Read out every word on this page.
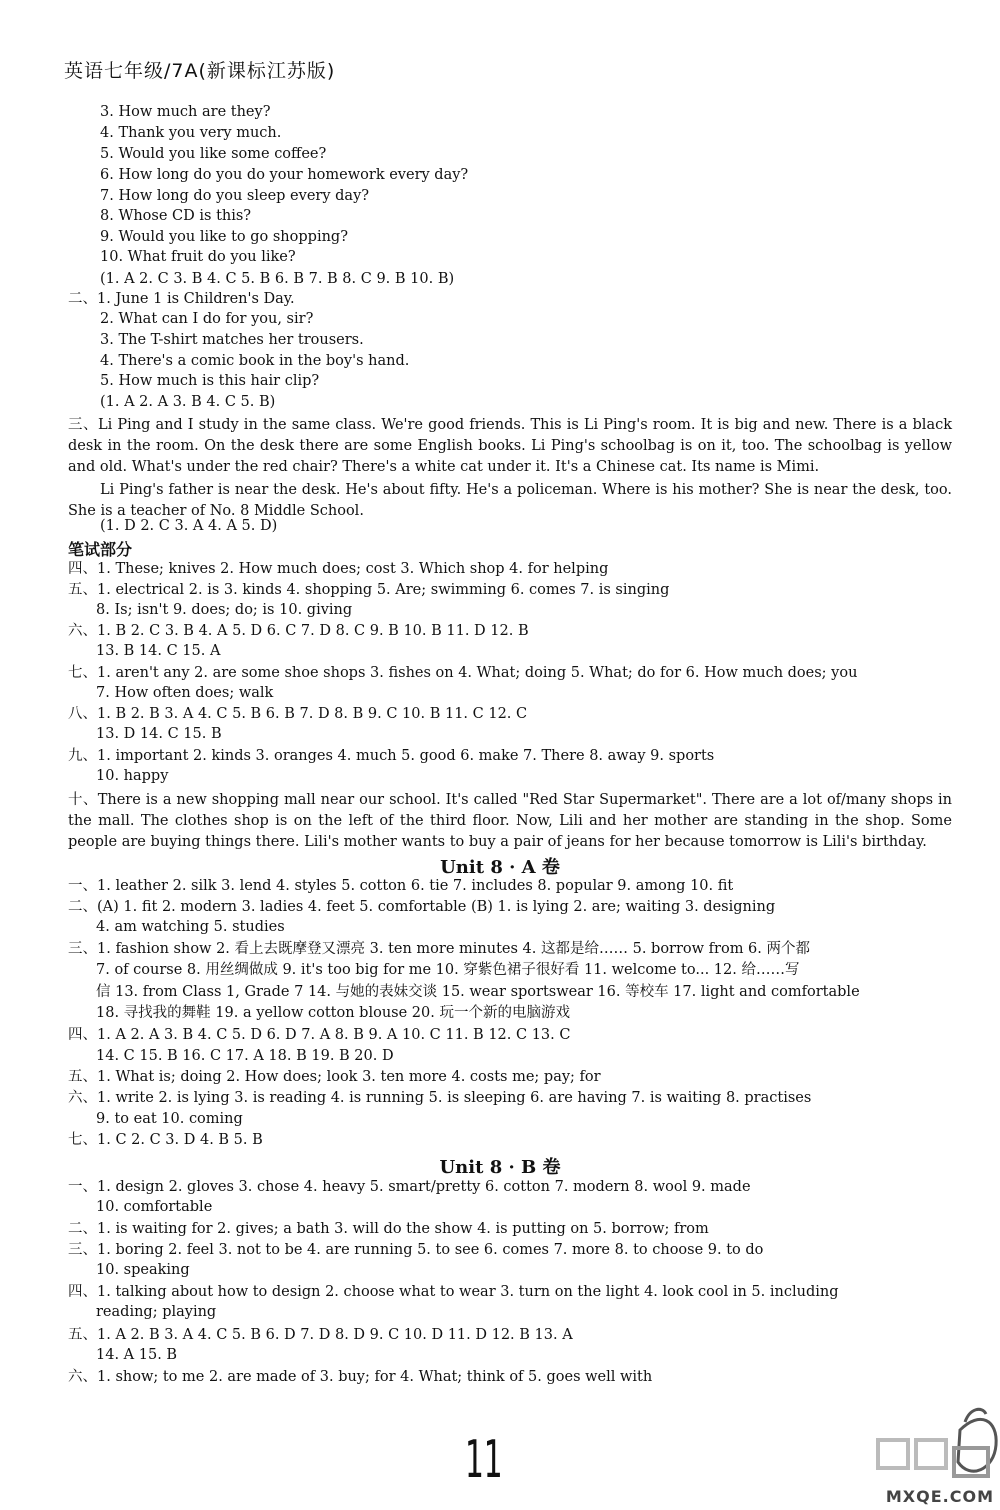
英语七年级/7A(新课标江苏版)
3. How much are they?
4. Thank you very much.
5. Would you like some coffee?
6. How long do you do your homework every day?
7. How long do you sleep every day?
8. Whose CD is this?
9. Would you like to go shopping?
10. What fruit do you like?
(1. A 2. C 3. B 4. C 5. B 6. B 7. B 8. C 9. B 10. B)
二、1. June 1 is Children's Day.
2. What can I do for you, sir?
3. The T-shirt matches her trousers.
4. There's a comic book in the boy's hand.
5. How much is this hair clip?
(1. A 2. A 3. B 4. C 5. B)
三、Li Ping and I study in the same class. We're good friends. This is Li Ping's room. It is big and new. There is a black desk in the room. On the desk there are some English books. Li Ping's schoolbag is on it, too. The schoolbag is yellow and old. What's under the red chair? There's a white cat under it. It's a Chinese cat. Its name is Mimi.
Li Ping's father is near the desk. He's about fifty. He's a policeman. Where is his mother? She is near the desk, too. She is a teacher of No. 8 Middle School.
(1. D 2. C 3. A 4. A 5. D)
笔试部分
四、1. These; knives 2. How much does; cost 3. Which shop 4. for helping
五、1. electrical 2. is 3. kinds 4. shopping 5. Are; swimming 6. comes 7. is singing
8. Is; isn't 9. does; do; is 10. giving
六、1. B 2. C 3. B 4. A 5. D 6. C 7. D 8. C 9. B 10. B 11. D 12. B
13. B 14. C 15. A
七、1. aren't any 2. are some shoe shops 3. fishes on 4. What; doing 5. What; do for 6. How much does; you
7. How often does; walk
八、1. B 2. B 3. A 4. C 5. B 6. B 7. D 8. B 9. C 10. B 11. C 12. C
13. D 14. C 15. B
九、1. important 2. kinds 3. oranges 4. much 5. good 6. make 7. There 8. away 9. sports
10. happy
十、There is a new shopping mall near our school. It's called "Red Star Supermarket". There are a lot of/many shops in the mall. The clothes shop is on the left of the third floor. Now, Lili and her mother are standing in the shop. Some people are buying things there. Lili's mother wants to buy a pair of jeans for her because tomorrow is Lili's birthday.
Unit 8 · A 卷
一、1. leather 2. silk 3. lend 4. styles 5. cotton 6. tie 7. includes 8. popular 9. among 10. fit
二、(A) 1. fit 2. modern 3. ladies 4. feet 5. comfortable (B) 1. is lying 2. are; waiting 3. designing
4. am watching 5. studies
三、1. fashion show 2. 看上去既摩登又漂亮 3. ten more minutes 4. 这都是给…… 5. borrow from 6. 两个都
7. of course 8. 用丝绸做成 9. it's too big for me 10. 穿紫色裙子很好看 11. welcome to... 12. 给……写
信 13. from Class 1, Grade 7 14. 与她的表妹交谈 15. wear sportswear 16. 等校车 17. light and comfortable
18. 寻找我的舞鞋 19. a yellow cotton blouse 20. 玩一个新的电脑游戏
四、1. A 2. A 3. B 4. C 5. D 6. D 7. A 8. B 9. A 10. C 11. B 12. C 13. C
14. C 15. B 16. C 17. A 18. B 19. B 20. D
五、1. What is; doing 2. How does; look 3. ten more 4. costs me; pay; for
六、1. write 2. is lying 3. is reading 4. is running 5. is sleeping 6. are having 7. is waiting 8. practises
9. to eat 10. coming
七、1. C 2. C 3. D 4. B 5. B
Unit 8 · B 卷
一、1. design 2. gloves 3. chose 4. heavy 5. smart/pretty 6. cotton 7. modern 8. wool 9. made
10. comfortable
二、1. is waiting for 2. gives; a bath 3. will do the show 4. is putting on 5. borrow; from
三、1. boring 2. feel 3. not to be 4. are running 5. to see 6. comes 7. more 8. to choose 9. to do
10. speaking
四、1. talking about how to design 2. choose what to wear 3. turn on the light 4. look cool in 5. including
reading; playing
五、1. A 2. B 3. A 4. C 5. B 6. D 7. D 8. D 9. C 10. D 11. D 12. B 13. A
14. A 15. B
六、1. show; to me 2. are made of 3. buy; for 4. What; think of 5. goes well with
11
MXQE.COM
